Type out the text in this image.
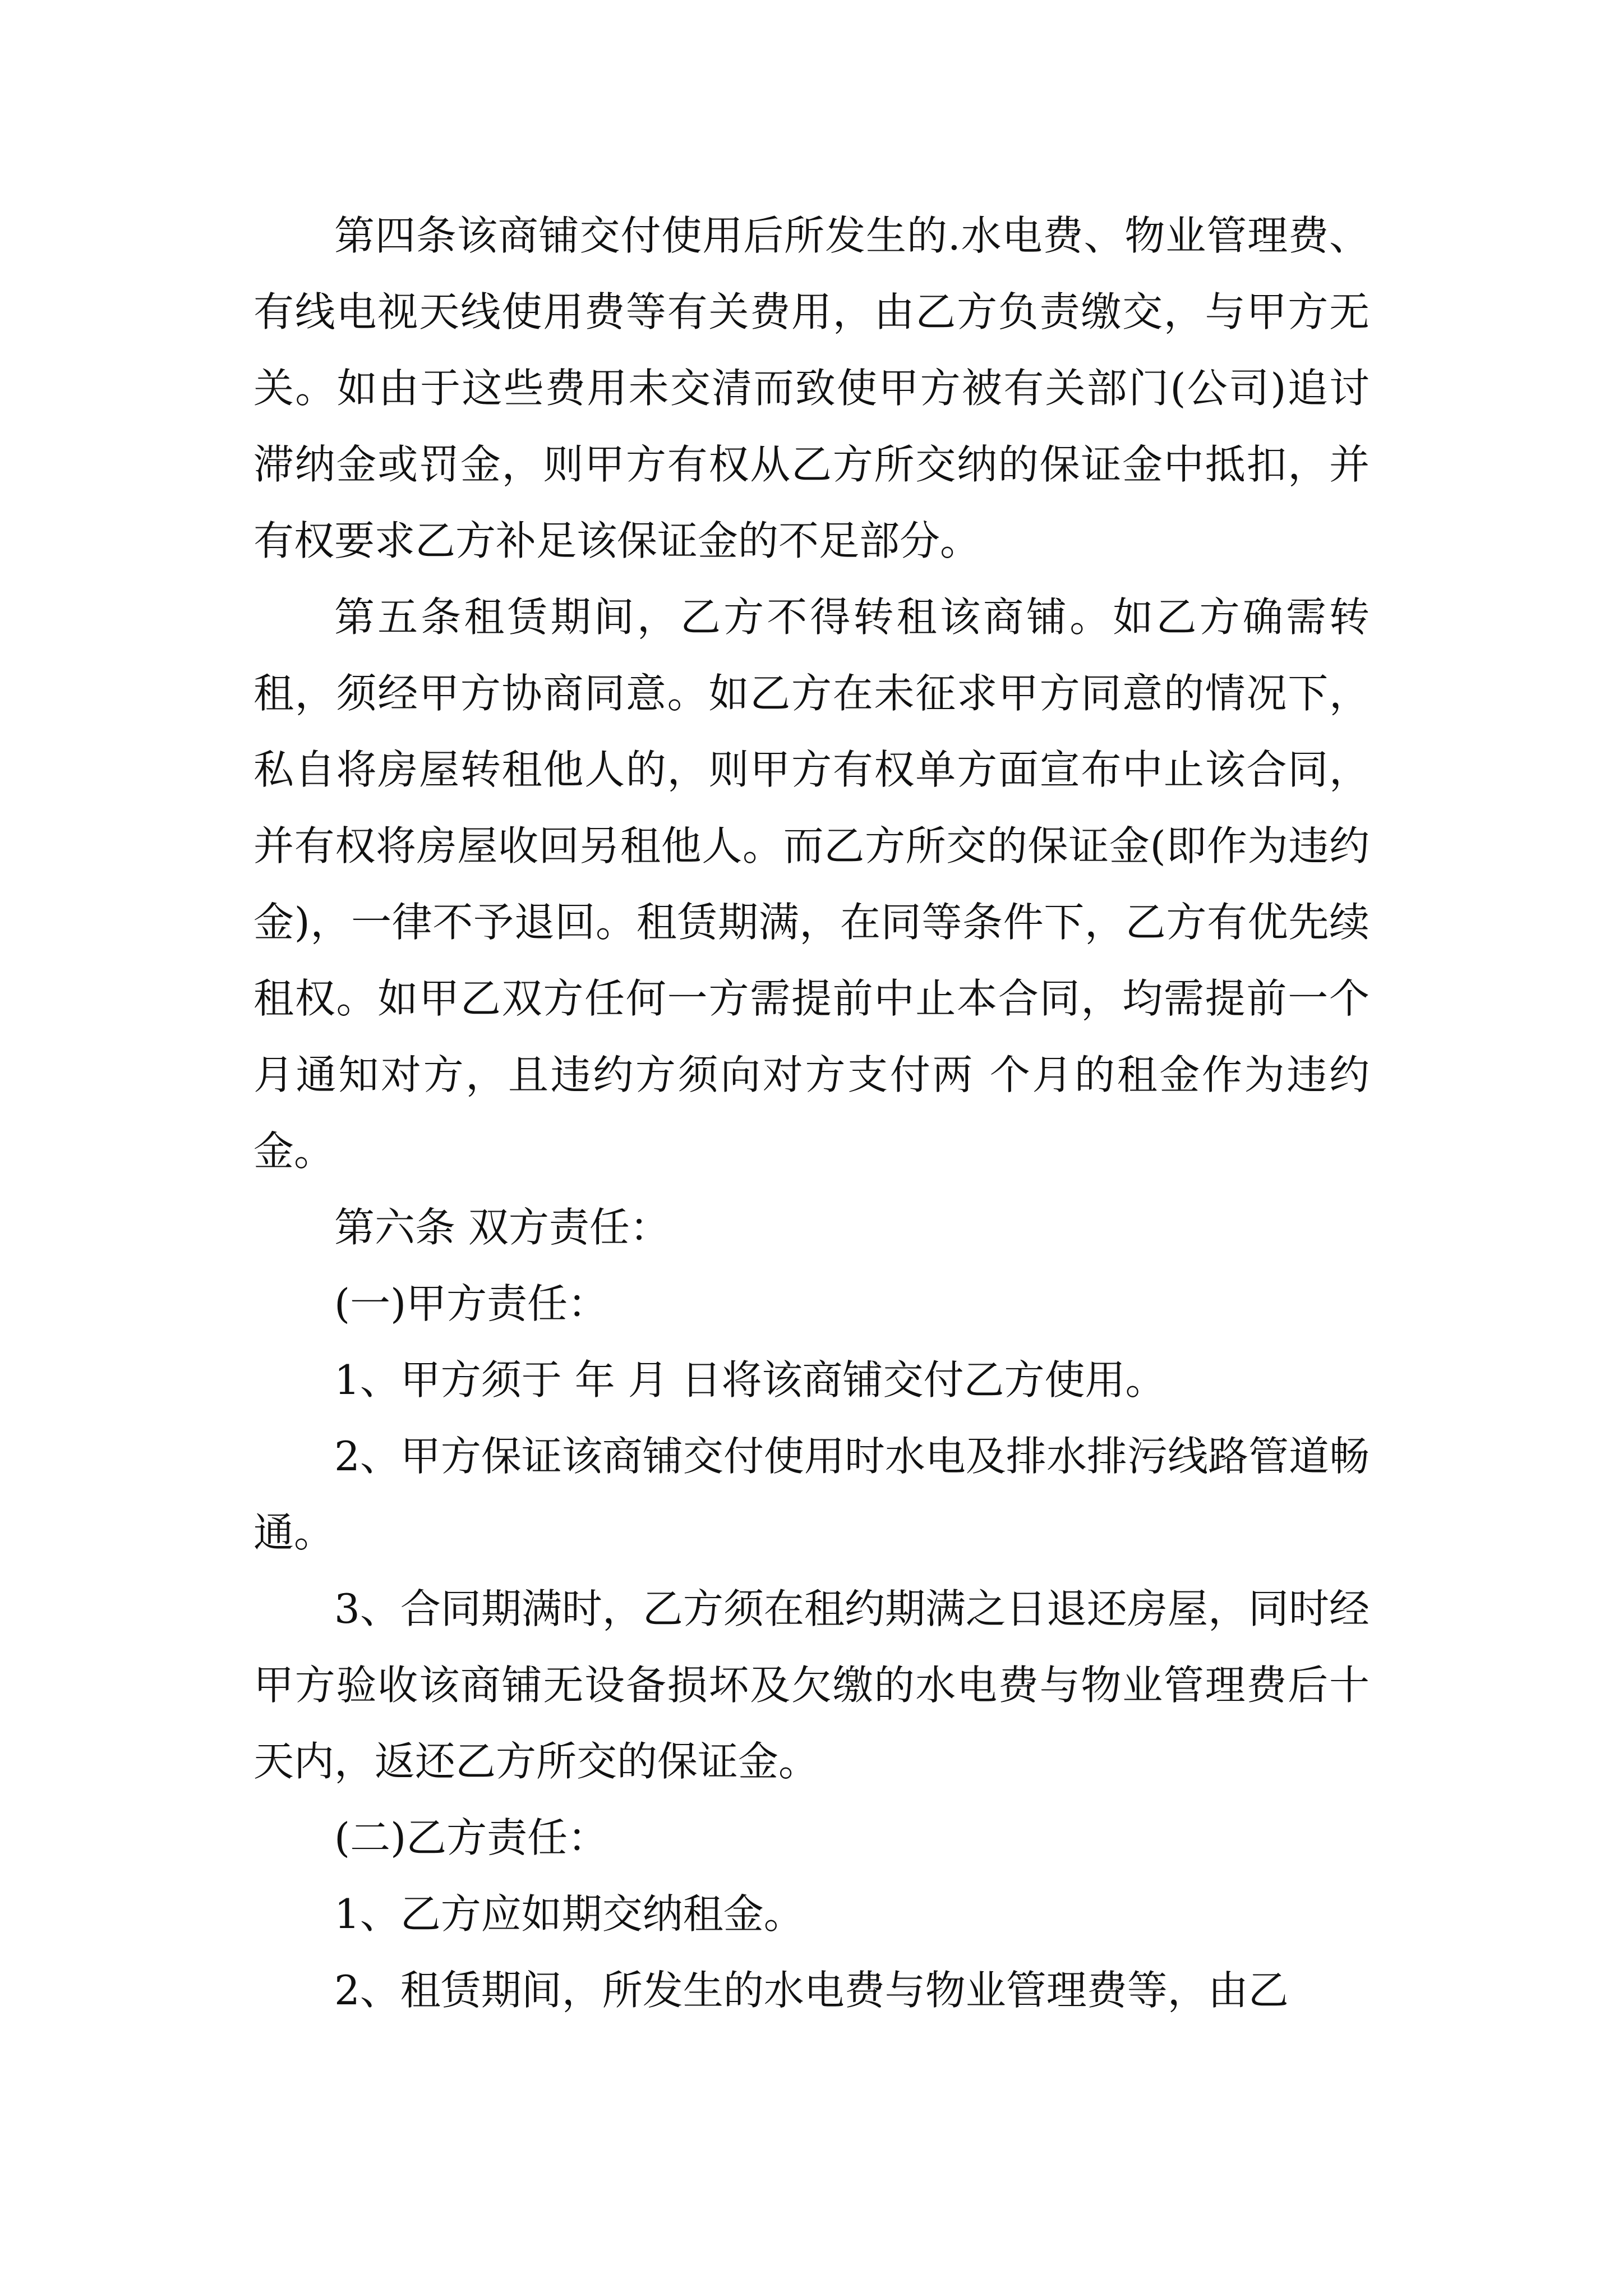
第四条该商铺交付使用后所发生的.水电费、物业管理费、有线电视天线使用费等有关费用，由乙方负责缴交，与甲方无关。如由于这些费用未交清而致使甲方被有关部门(公司)追讨滞纳金或罚金，则甲方有权从乙方所交纳的保证金中抵扣，并有权要求乙方补足该保证金的不足部分。

第五条租赁期间，乙方不得转租该商铺。如乙方确需转租，须经甲方协商同意。如乙方在未征求甲方同意的情况下，私自将房屋转租他人的，则甲方有权单方面宣布中止该合同，并有权将房屋收回另租他人。而乙方所交的保证金(即作为违约金)，一律不予退回。租赁期满，在同等条件下，乙方有优先续租权。如甲乙双方任何一方需提前中止本合同，均需提前一个月通知对方，且违约方须向对方支付两 个月的租金作为违约金。

第六条 双方责任：

(一)甲方责任：

1、甲方须于 年 月 日将该商铺交付乙方使用。

2、甲方保证该商铺交付使用时水电及排水排污线路管道畅通。

3、合同期满时，乙方须在租约期满之日退还房屋，同时经甲方验收该商铺无设备损坏及欠缴的水电费与物业管理费后十天内，返还乙方所交的保证金。

(二)乙方责任：

1、乙方应如期交纳租金。

2、租赁期间，所发生的水电费与物业管理费等，由乙
